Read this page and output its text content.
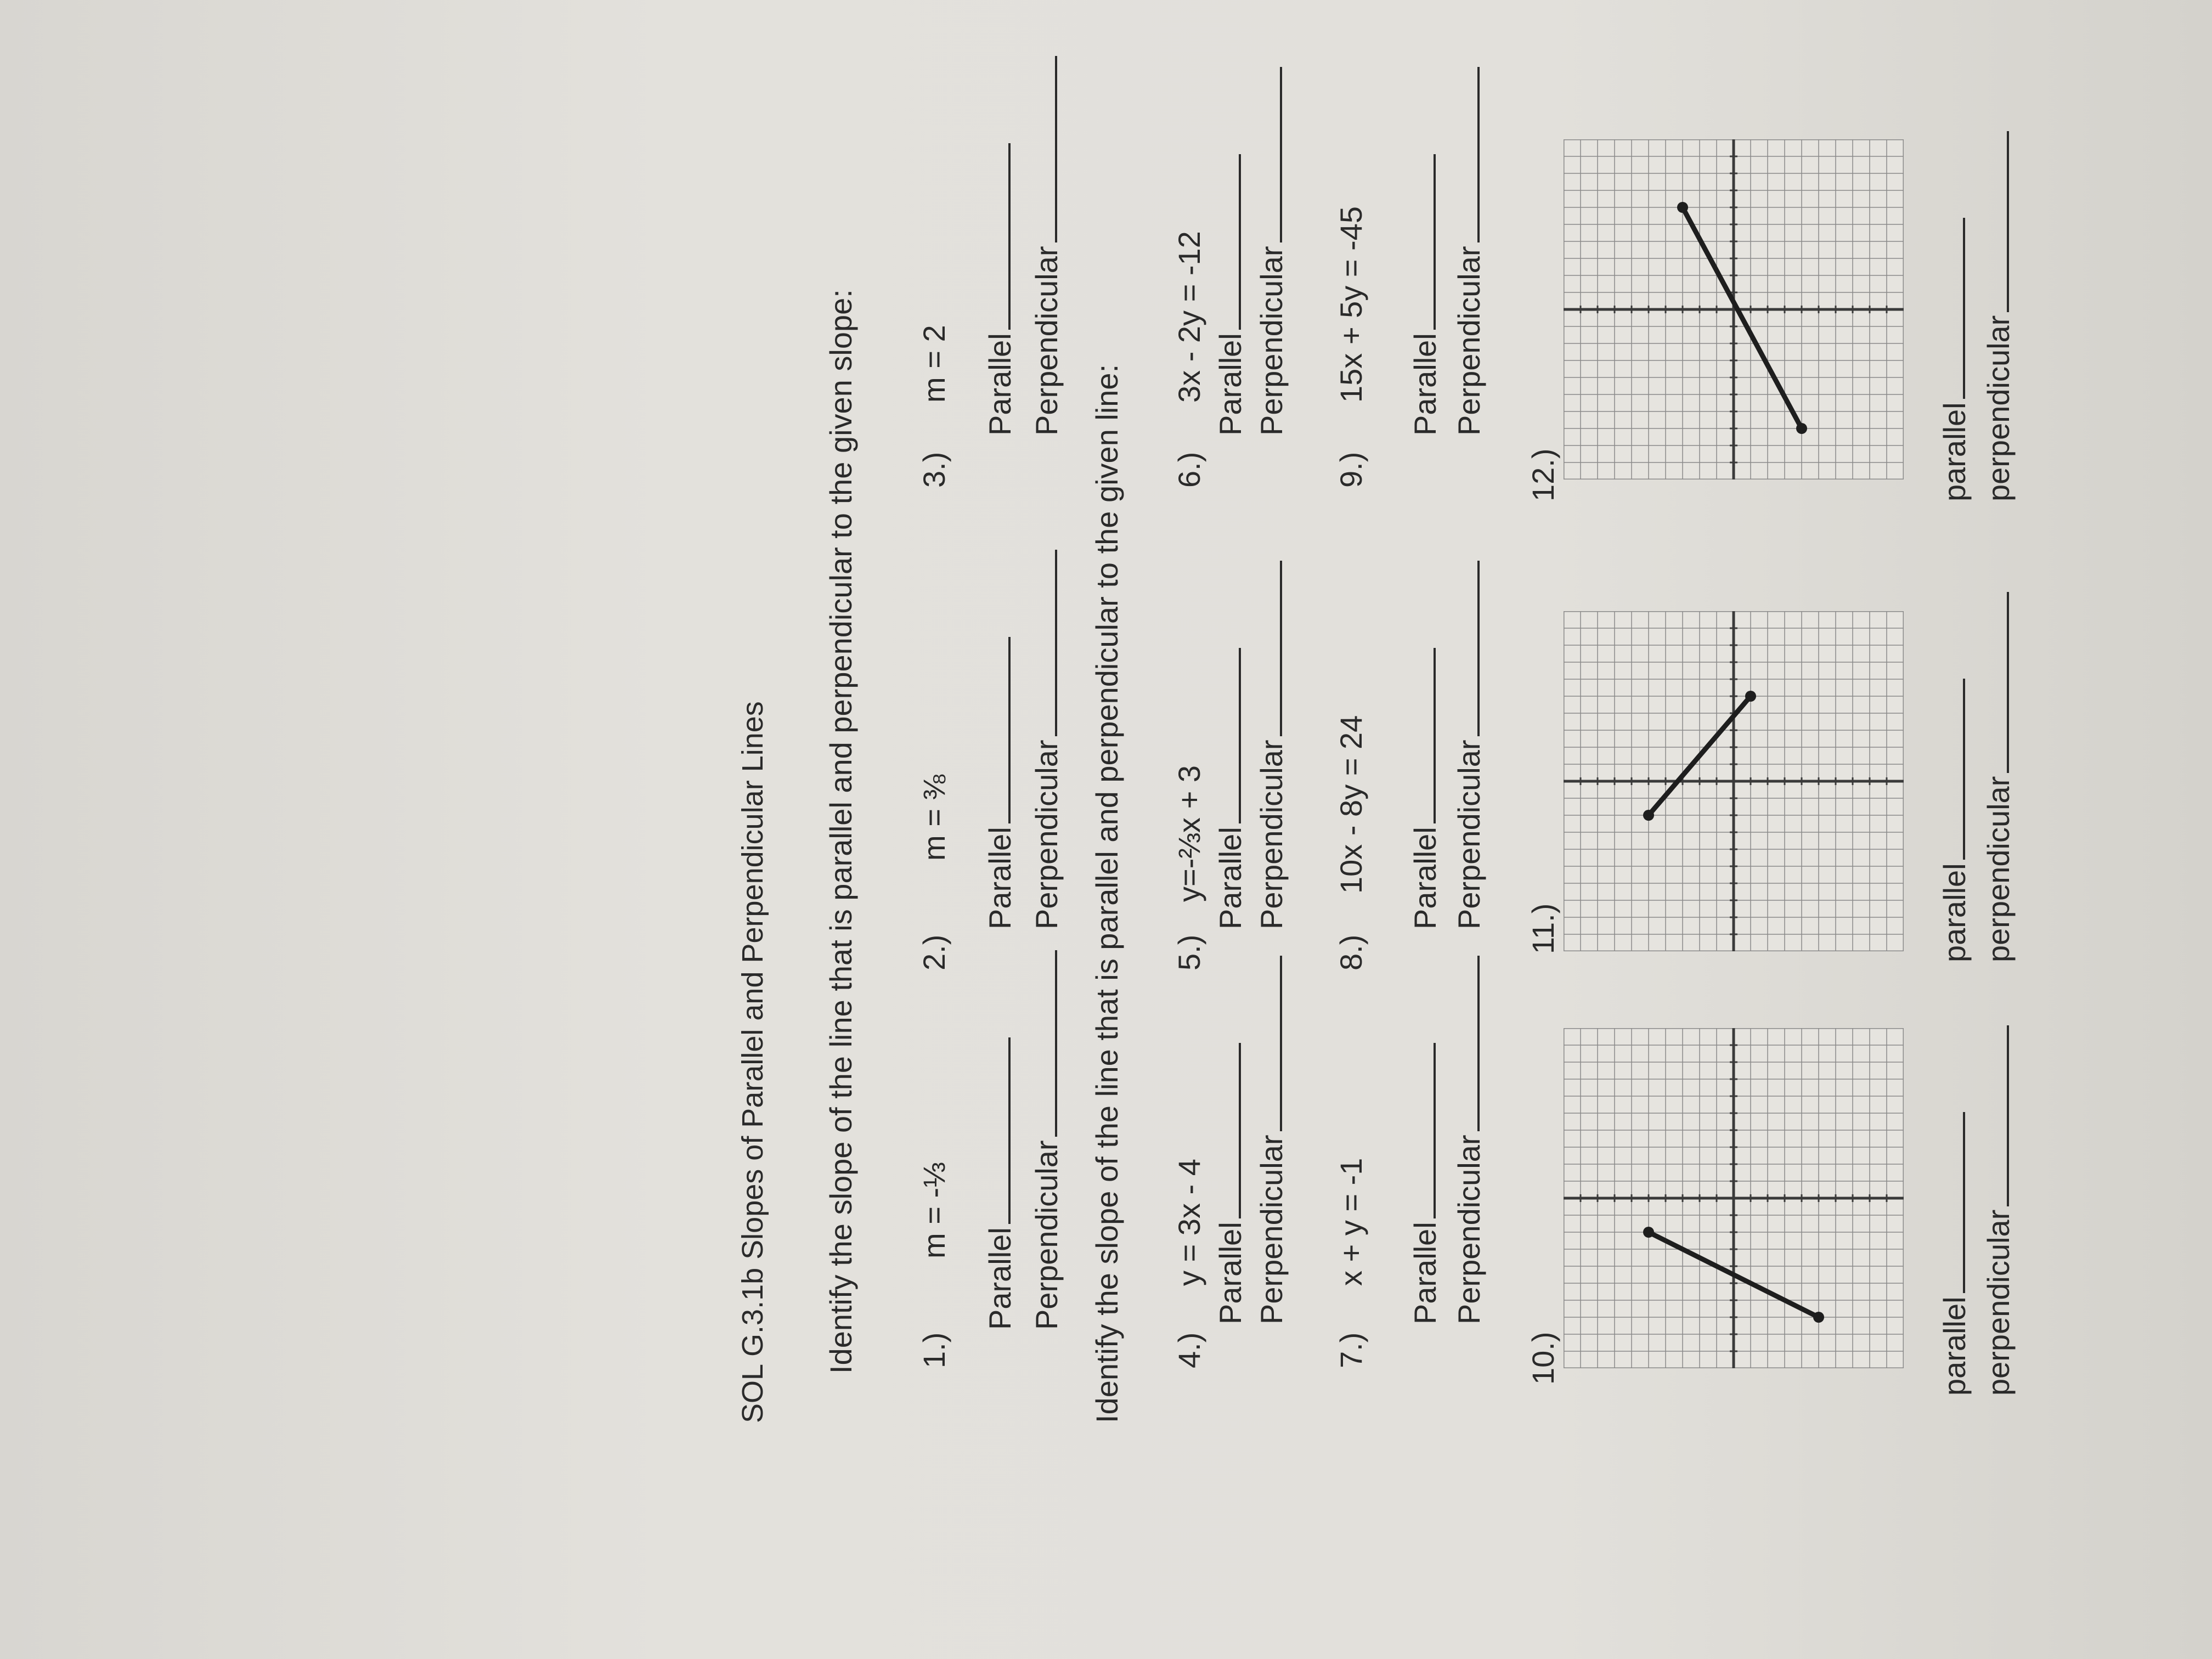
SOL G.3.1b Slopes of Parallel and Perpendicular Lines Identify the slope of the line that is parallel and perpendicular to the given slope: 1.)
m = -⅓
Parallel Perpendicular
2.)
m = ⅜
Parallel Perpendicular
3.)
m = 2 Parallel Perpendicular
Identify the slope of the line that is parallel and perpendicular to the given line: 4.)
y = 3x - 4 Parallel Perpendicular
5.)
y=-⅔x + 3 Parallel Perpendicular
6.)
3x - 2y = -12 Parallel Perpendicular
7.)
x + y = -1 Parallel Perpendicular
8.)
10x - 8y = 24 Parallel Perpendicular
9.)
15x + 5y = -45 Parallel Perpendicular
10.)
11.)
12.)
parallel perpendicular
parallel perpendicular
parallel perpendicular
